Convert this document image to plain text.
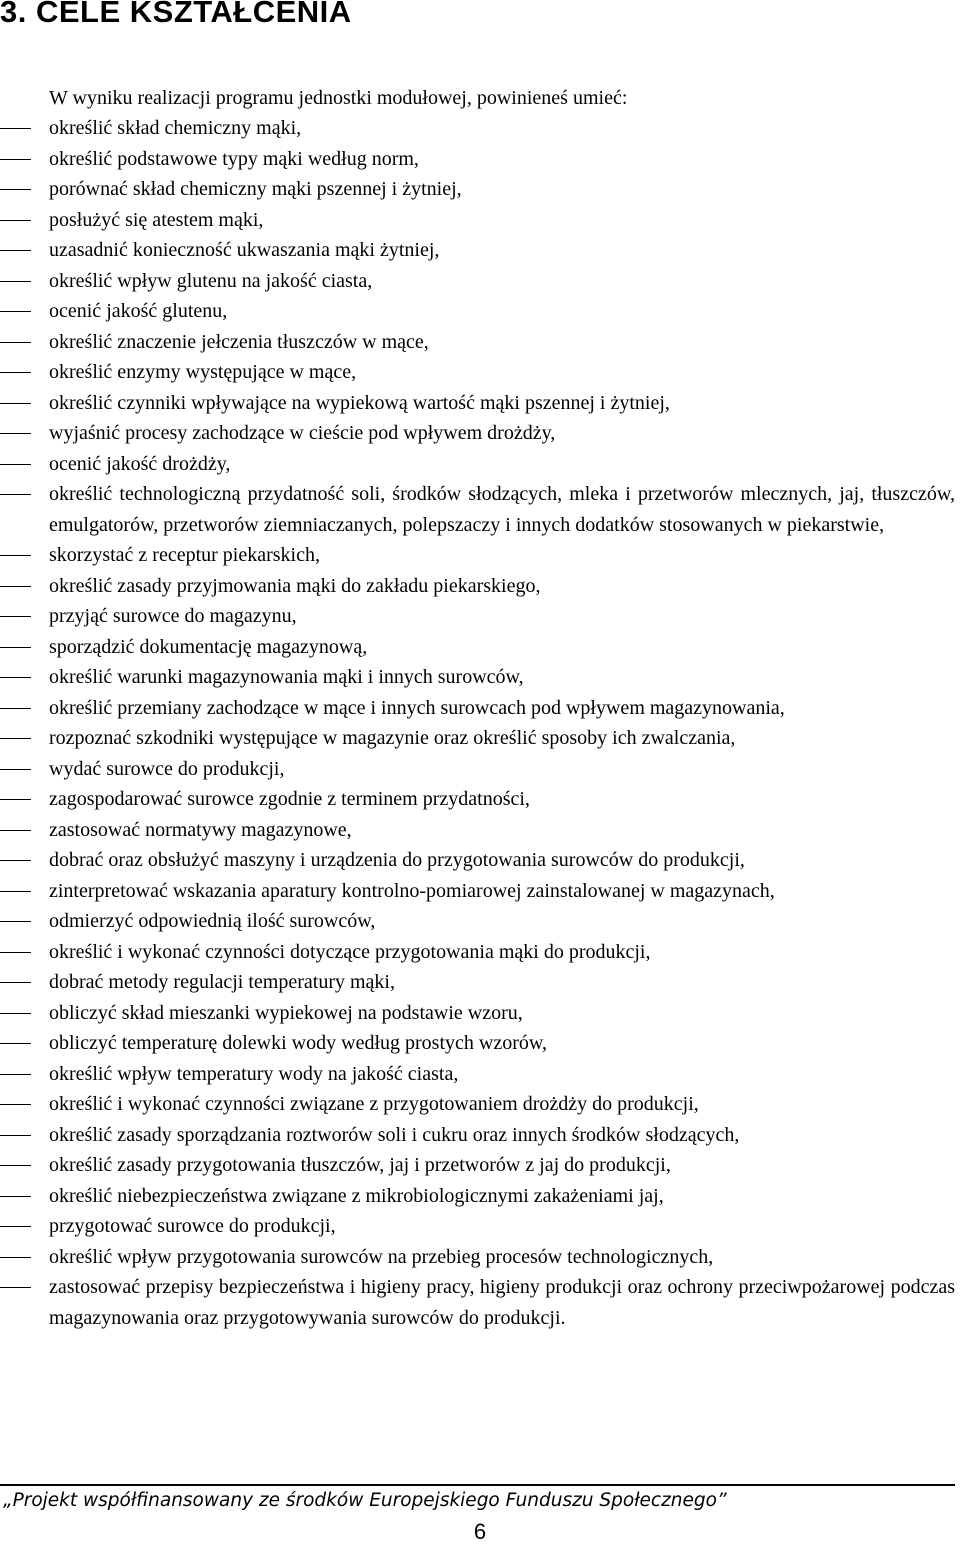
3. CELE KSZTAŁCENIA
W wyniku realizacji programu jednostki modułowej, powinieneś umieć:
określić skład chemiczny mąki,
określić podstawowe typy mąki według norm,
porównać skład chemiczny mąki pszennej i żytniej,
posłużyć się atestem mąki,
uzasadnić konieczność ukwaszania mąki żytniej,
określić wpływ glutenu na jakość ciasta,
ocenić jakość glutenu,
określić znaczenie jełczenia tłuszczów w mące,
określić enzymy występujące w mące,
określić czynniki wpływające na wypiekową wartość mąki pszennej i żytniej,
wyjaśnić procesy zachodzące w cieście pod wpływem drożdży,
ocenić jakość drożdży,
określić technologiczną przydatność soli, środków słodzących, mleka i przetworów mlecznych, jaj, tłuszczów, emulgatorów, przetworów ziemniaczanych, polepszaczy i innych dodatków stosowanych w piekarstwie,
skorzystać z receptur piekarskich,
określić zasady przyjmowania mąki do zakładu piekarskiego,
przyjąć surowce do magazynu,
sporządzić dokumentację magazynową,
określić warunki magazynowania mąki i innych surowców,
określić przemiany zachodzące w mące i innych surowcach pod wpływem magazynowania,
rozpoznać szkodniki występujące w magazynie oraz określić sposoby ich zwalczania,
wydać surowce do produkcji,
zagospodarować surowce zgodnie z terminem przydatności,
zastosować normatywy magazynowe,
dobrać oraz obsłużyć maszyny i urządzenia do przygotowania surowców do produkcji,
zinterpretować wskazania aparatury kontrolno-pomiarowej zainstalowanej w magazynach,
odmierzyć odpowiednią ilość surowców,
określić i wykonać czynności dotyczące przygotowania mąki do produkcji,
dobrać metody regulacji temperatury mąki,
obliczyć skład mieszanki wypiekowej na podstawie wzoru,
obliczyć temperaturę dolewki wody według prostych wzorów,
określić wpływ temperatury wody na jakość ciasta,
określić i wykonać czynności związane z przygotowaniem drożdży do produkcji,
określić zasady sporządzania roztworów soli i cukru oraz innych środków słodzących,
określić zasady przygotowania tłuszczów, jaj i przetworów z jaj do produkcji,
określić niebezpieczeństwa związane z mikrobiologicznymi zakażeniami jaj,
przygotować surowce do produkcji,
określić wpływ przygotowania surowców na przebieg procesów technologicznych,
zastosować przepisy bezpieczeństwa i higieny pracy, higieny produkcji oraz ochrony przeciwpożarowej podczas magazynowania oraz przygotowywania surowców do produkcji.

„Projekt współfinansowany ze środków Europejskiego Funduszu Społecznego”

6
